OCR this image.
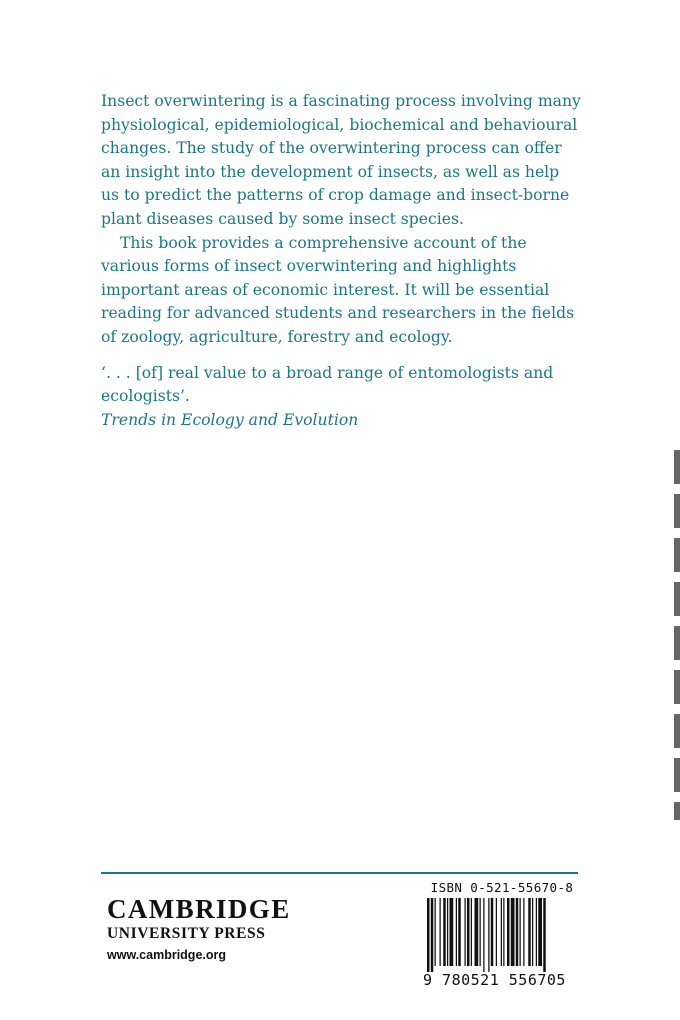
Insect overwintering is a fascinating process involving many physiological, epidemiological, biochemical and behavioural changes. The study of the overwintering process can offer an insight into the development of insects, as well as help us to predict the patterns of crop damage and insect-borne plant diseases caused by some insect species.

This book provides a comprehensive account of the various forms of insect overwintering and highlights important areas of economic interest. It will be essential reading for advanced students and researchers in the fields of zoology, agriculture, forestry and ecology.

‘. . . [of] real value to a broad range of entomologists and ecologists’.

Trends in Ecology and Evolution

CAMBRIDGE
UNIVERSITY PRESS
www.cambridge.org
ISBN 0-521-55670-8
9 780521 556705
